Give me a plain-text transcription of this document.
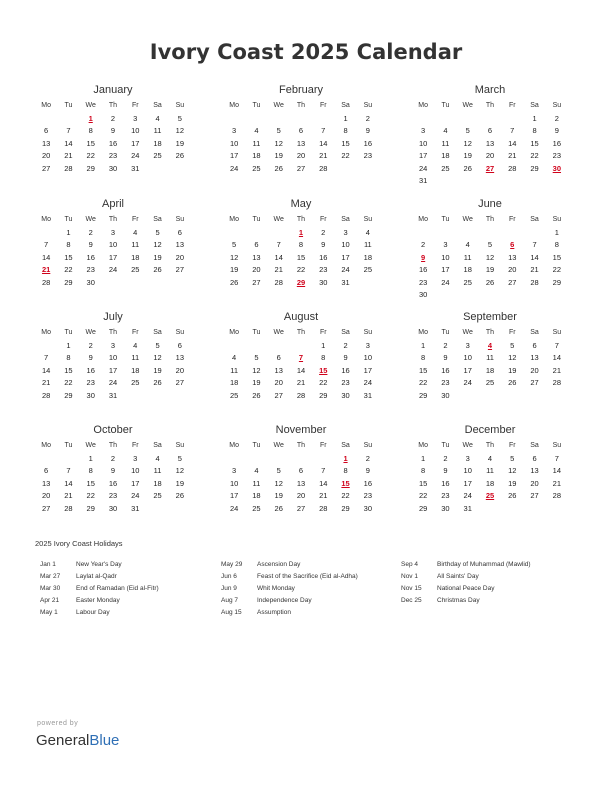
Ivory Coast 2025 Calendar
January
Mo	Tu	We	Th	Fr	Sa	Su
		1	2	3	4	5
6	7	8	9	10	11	12
13	14	15	16	17	18	19
20	21	22	23	24	25	26
27	28	29	30	31		
February
Mo	Tu	We	Th	Fr	Sa	Su
					1	2
3	4	5	6	7	8	9
10	11	12	13	14	15	16
17	18	19	20	21	22	23
24	25	26	27	28		
March
Mo	Tu	We	Th	Fr	Sa	Su
					1	2
3	4	5	6	7	8	9
10	11	12	13	14	15	16
17	18	19	20	21	22	23
24	25	26	27	28	29	30
31						
April
Mo	Tu	We	Th	Fr	Sa	Su
	1	2	3	4	5	6
7	8	9	10	11	12	13
14	15	16	17	18	19	20
21	22	23	24	25	26	27
28	29	30				
May
Mo	Tu	We	Th	Fr	Sa	Su
			1	2	3	4
5	6	7	8	9	10	11
12	13	14	15	16	17	18
19	20	21	22	23	24	25
26	27	28	29	30	31	
June
Mo	Tu	We	Th	Fr	Sa	Su
						1
2	3	4	5	6	7	8
9	10	11	12	13	14	15
16	17	18	19	20	21	22
23	24	25	26	27	28	29
30						
July
Mo	Tu	We	Th	Fr	Sa	Su
	1	2	3	4	5	6
7	8	9	10	11	12	13
14	15	16	17	18	19	20
21	22	23	24	25	26	27
28	29	30	31			
August
Mo	Tu	We	Th	Fr	Sa	Su
				1	2	3
4	5	6	7	8	9	10
11	12	13	14	15	16	17
18	19	20	21	22	23	24
25	26	27	28	29	30	31
September
Mo	Tu	We	Th	Fr	Sa	Su
1	2	3	4	5	6	7
8	9	10	11	12	13	14
15	16	17	18	19	20	21
22	23	24	25	26	27	28
29	30					
October
Mo	Tu	We	Th	Fr	Sa	Su
		1	2	3	4	5
6	7	8	9	10	11	12
13	14	15	16	17	18	19
20	21	22	23	24	25	26
27	28	29	30	31		
November
Mo	Tu	We	Th	Fr	Sa	Su
					1	2
3	4	5	6	7	8	9
10	11	12	13	14	15	16
17	18	19	20	21	22	23
24	25	26	27	28	29	30
December
Mo	Tu	We	Th	Fr	Sa	Su
1	2	3	4	5	6	7
8	9	10	11	12	13	14
15	16	17	18	19	20	21
22	23	24	25	26	27	28
29	30	31				
2025 Ivory Coast Holidays
Jan 1	New Year's Day
Mar 27 Laylat al-Qadr
Mar 30 End of Ramadan (Eid al-Fitr)
Apr 21	Easter Monday
May 1	Labour Day
May 29 Ascension Day
Jun 6	Feast of the Sacrifice (Eid al-Adha)
Jun 9	Whit Monday
Aug 7	Independence Day
Aug 15 Assumption
Sep 4	Birthday of Muhammad (Mawlid)
Nov 1	All Saints' Day
Nov 15 National Peace Day
Dec 25 Christmas Day
powered by
GeneralBlue
